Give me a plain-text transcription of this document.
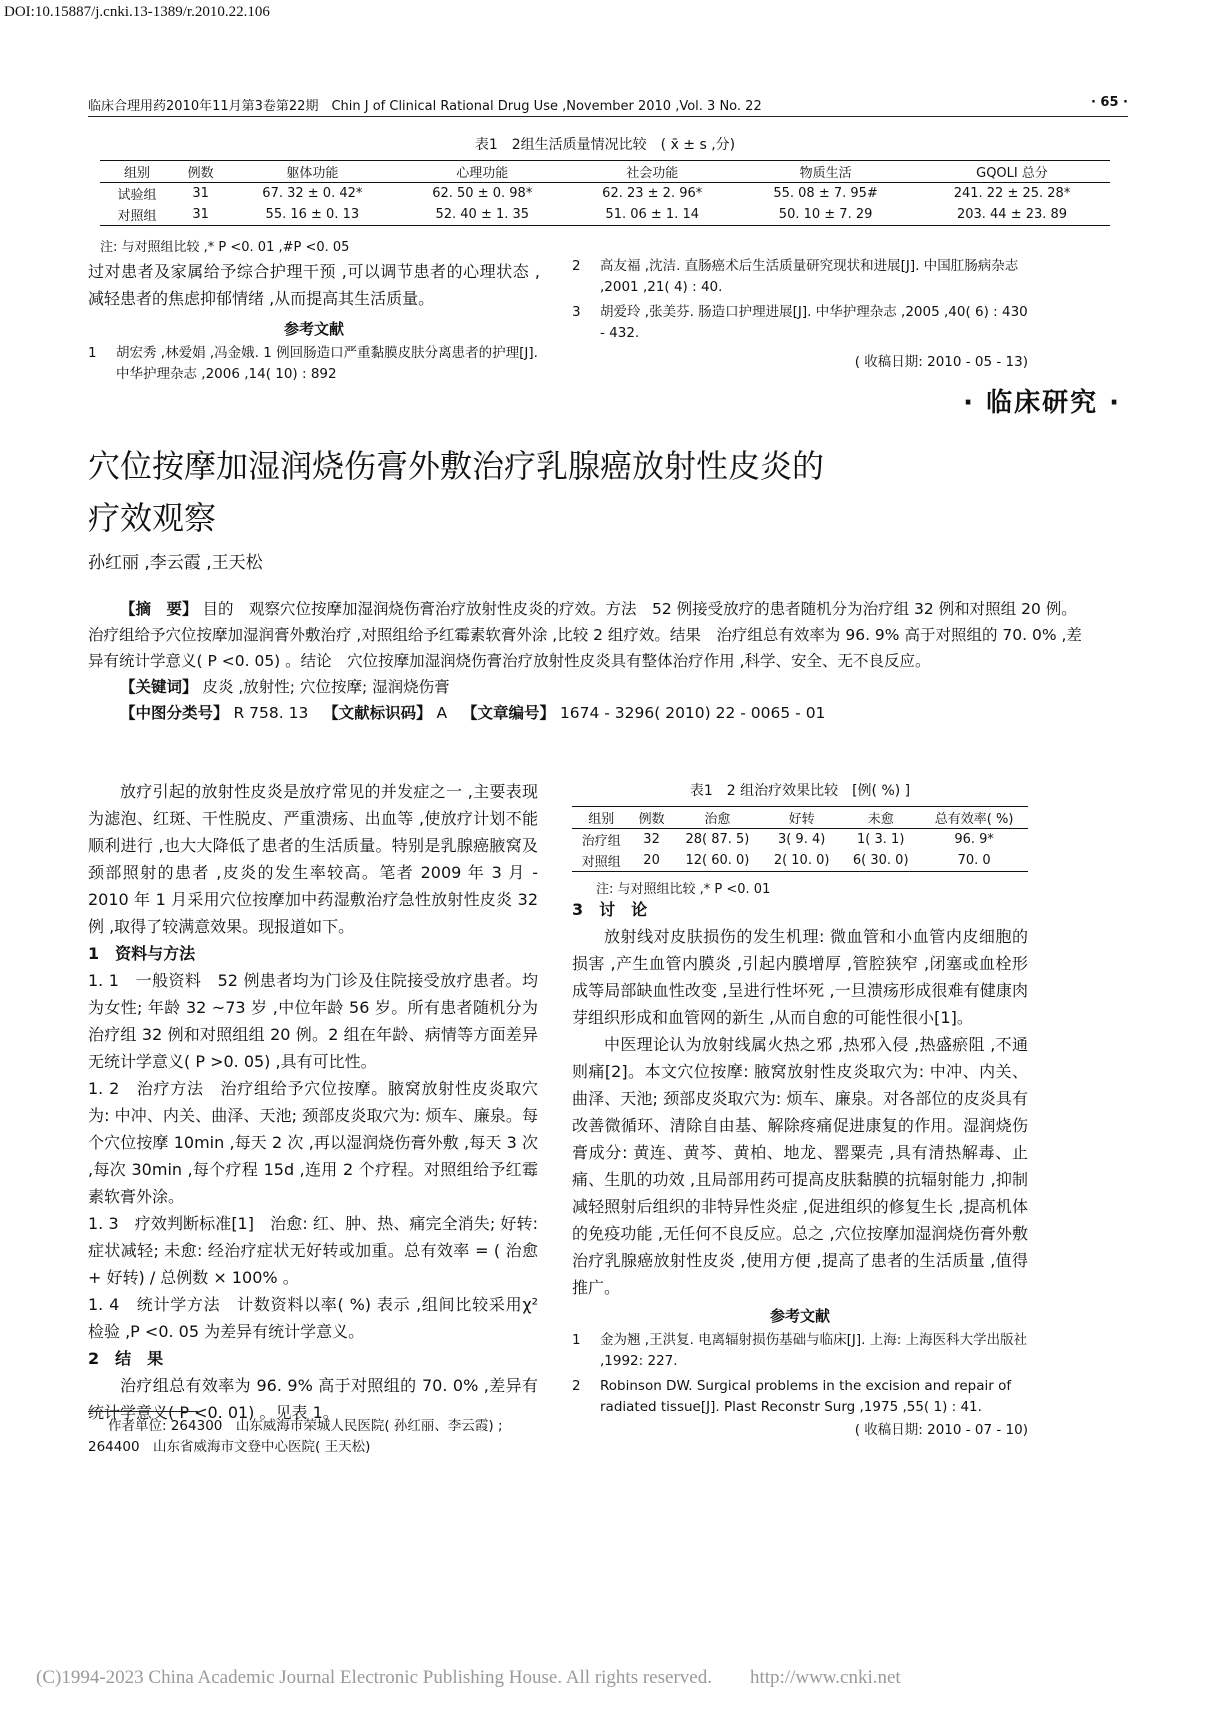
DOI:10.15887/j.cnki.13-1389/r.2010.22.106
临床合理用药2010年11月第3卷第22期　Chin J of Clinical Rational Drug Use ,November 2010 ,Vol. 3 No. 22	· 65 ·
表1　2组生活质量情况比较　( x̄ ± s ,分)
组别	例数	躯体功能	心理功能	社会功能	物质生活	GQOLI 总分
试验组	31	67. 32 ± 0. 42*	62. 50 ± 0. 98*	62. 23 ± 2. 96*	55. 08 ± 7. 95#	241. 22 ± 25. 28*
对照组	31	55. 16 ± 0. 13	52. 40 ± 1. 35	51. 06 ± 1. 14	50. 10 ± 7. 29	203. 44 ± 23. 89
注: 与对照组比较 ,* P <0. 01 ,#P <0. 05
过对患者及家属给予综合护理干预 ,可以调节患者的心理状态 ,减轻患者的焦虑抑郁情绪 ,从而提高其生活质量。
参考文献
1	胡宏秀 ,林爱娟 ,冯金娥. 1 例回肠造口严重黏膜皮肤分离患者的护理[J]. 中华护理杂志 ,2006 ,14( 10) : 892
2	高友福 ,沈洁. 直肠癌术后生活质量研究现状和进展[J]. 中国肛肠病杂志 ,2001 ,21( 4) : 40.
3	胡爱玲 ,张美芬. 肠造口护理进展[J]. 中华护理杂志 ,2005 ,40( 6) : 430 - 432.
( 收稿日期: 2010 - 05 - 13)
· 临床研究 ·
穴位按摩加湿润烧伤膏外敷治疗乳腺癌放射性皮炎的
疗效观察
孙红丽 ,李云霞 ,王天松
【摘　要】 目的　观察穴位按摩加湿润烧伤膏治疗放射性皮炎的疗效。方法　52 例接受放疗的患者随机分为治疗组 32 例和对照组 20 例。治疗组给予穴位按摩加湿润膏外敷治疗 ,对照组给予红霉素软膏外涂 ,比较 2 组疗效。结果　治疗组总有效率为 96. 9% 高于对照组的 70. 0% ,差异有统计学意义( P <0. 05) 。结论　穴位按摩加湿润烧伤膏治疗放射性皮炎具有整体治疗作用 ,科学、安全、无不良反应。
【关键词】 皮炎 ,放射性; 穴位按摩; 湿润烧伤膏
【中图分类号】 R 758. 13 【文献标识码】 A 【文章编号】 1674 - 3296( 2010) 22 - 0065 - 01
放疗引起的放射性皮炎是放疗常见的并发症之一 ,主要表现为滤泡、红斑、干性脱皮、严重溃疡、出血等 ,使放疗计划不能顺利进行 ,也大大降低了患者的生活质量。特别是乳腺癌腋窝及颈部照射的患者 ,皮炎的发生率较高。笔者 2009 年 3 月 - 2010 年 1 月采用穴位按摩加中药湿敷治疗急性放射性皮炎 32 例 ,取得了较满意效果。现报道如下。
1　资料与方法
1. 1　一般资料　52 例患者均为门诊及住院接受放疗患者。均为女性; 年龄 32 ~73 岁 ,中位年龄 56 岁。所有患者随机分为治疗组 32 例和对照组组 20 例。2 组在年龄、病情等方面差异无统计学意义( P >0. 05) ,具有可比性。
1. 2　治疗方法　治疗组给予穴位按摩。腋窝放射性皮炎取穴为: 中冲、内关、曲泽、天池; 颈部皮炎取穴为: 烦车、廉泉。每个穴位按摩 10min ,每天 2 次 ,再以湿润烧伤膏外敷 ,每天 3 次 ,每次 30min ,每个疗程 15d ,连用 2 个疗程。对照组给予红霉素软膏外涂。
1. 3　疗效判断标准[1]　治愈: 红、肿、热、痛完全消失; 好转: 症状减轻; 未愈: 经治疗症状无好转或加重。总有效率 = ( 治愈 + 好转) / 总例数 × 100% 。
1. 4　统计学方法　计数资料以率( %) 表示 ,组间比较采用χ² 检验 ,P <0. 05 为差异有统计学意义。
2　结　果
治疗组总有效率为 96. 9% 高于对照组的 70. 0% ,差异有统计学意义( P <0. 01) 。见表 1。
作者单位: 264300　山东威海市荣城人民医院( 孙红丽、李云霞) ; 264400　山东省威海市文登中心医院( 王天松)
表1　2 组治疗效果比较　[例( %) ]
组别	例数	治愈	好转	未愈	总有效率( %)
治疗组	32	28( 87. 5)	3( 9. 4)	1( 3. 1)	96. 9*
对照组	20	12( 60. 0)	2( 10. 0)	6( 30. 0)	70. 0
注: 与对照组比较 ,* P <0. 01
3　讨　论
放射线对皮肤损伤的发生机理: 微血管和小血管内皮细胞的损害 ,产生血管内膜炎 ,引起内膜增厚 ,管腔狭窄 ,闭塞或血栓形成等局部缺血性改变 ,呈进行性坏死 ,一旦溃疡形成很难有健康肉芽组织形成和血管网的新生 ,从而自愈的可能性很小[1]。
中医理论认为放射线属火热之邪 ,热邪入侵 ,热盛瘀阻 ,不通则痛[2]。本文穴位按摩: 腋窝放射性皮炎取穴为: 中冲、内关、曲泽、天池; 颈部皮炎取穴为: 烦车、廉泉。对各部位的皮炎具有改善微循环、清除自由基、解除疼痛促进康复的作用。湿润烧伤膏成分: 黄连、黄芩、黄柏、地龙、罂粟壳 ,具有清热解毒、止痛、生肌的功效 ,且局部用药可提高皮肤黏膜的抗辐射能力 ,抑制减轻照射后组织的非特异性炎症 ,促进组织的修复生长 ,提高机体的免疫功能 ,无任何不良反应。总之 ,穴位按摩加湿润烧伤膏外敷治疗乳腺癌放射性皮炎 ,使用方便 ,提高了患者的生活质量 ,值得推广。
参考文献
1	金为翘 ,王洪复. 电离辐射损伤基础与临床[J]. 上海: 上海医科大学出版社 ,1992: 227.
2	Robinson DW. Surgical problems in the excision and repair of radiated tissue[J]. Plast Reconstr Surg ,1975 ,55( 1) : 41.
( 收稿日期: 2010 - 07 - 10)
(C)1994-2023 China Academic Journal Electronic Publishing House. All rights reserved.　　http://www.cnki.net
